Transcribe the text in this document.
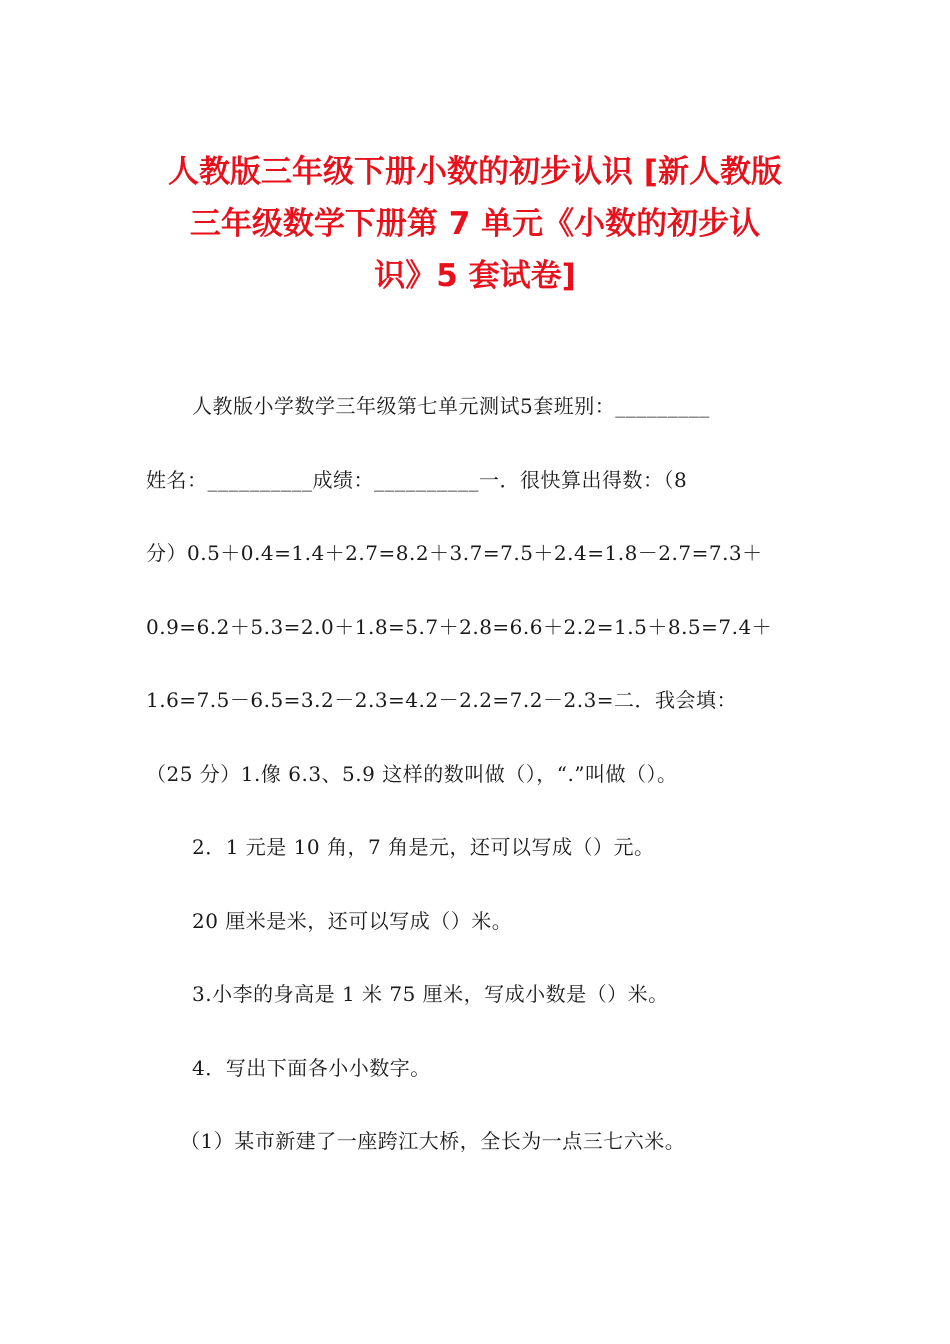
人教版三年级下册小数的初步认识 [新人教版
三年级数学下册第 7 单元《小数的初步认
识》5 套试卷]

人教版小学数学三年级第七单元测试5套班别：_________

姓名：__________成绩：__________一．很快算出得数：（8

分）0.5＋0.4=1.4＋2.7=8.2＋3.7=7.5＋2.4=1.8－2.7=7.3＋

0.9=6.2＋5.3=2.0＋1.8=5.7＋2.8=6.6＋2.2=1.5＋8.5=7.4＋

1.6=7.5－6.5=3.2－2.3=4.2－2.2=7.2－2.3=二．我会填：

（25 分）1.像 6.3、5.9 这样的数叫做（），“.”叫做（）。

2．1 元是 10 角，7 角是元，还可以写成（）元。

20 厘米是米，还可以写成（）米。

3.小李的身高是 1 米 75 厘米，写成小数是（）米。

4．写出下面各小小数字。

（1）某市新建了一座跨江大桥，全长为一点三七六米。
